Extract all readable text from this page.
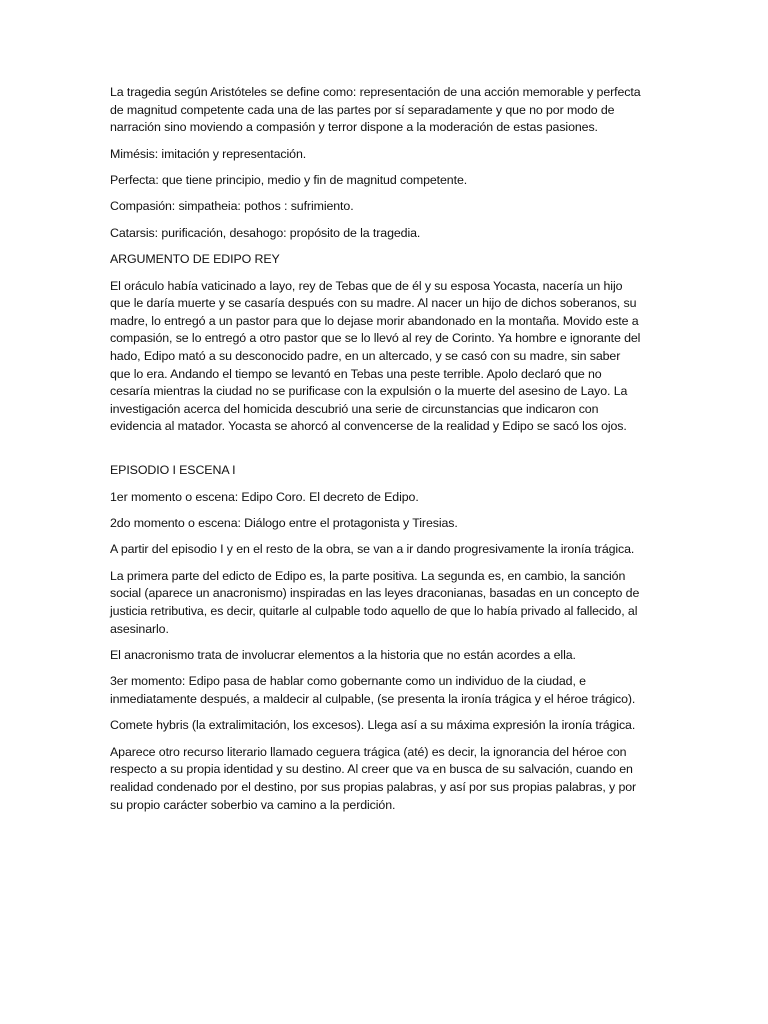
La tragedia según Aristóteles se define como: representación de una acción memorable y perfecta de magnitud competente cada una de las partes por sí separadamente y que no por modo de narración sino moviendo a compasión y terror dispone a la moderación de estas pasiones.

Mimésis: imitación y representación.

Perfecta: que tiene principio, medio y fin de magnitud competente.

Compasión: simpatheia: pothos : sufrimiento.

Catarsis: purificación, desahogo: propósito de la tragedia.

ARGUMENTO DE EDIPO REY

El oráculo había vaticinado a layo, rey de Tebas que de él y su esposa Yocasta, nacería un hijo que le daría muerte y se casaría después con su madre. Al nacer un hijo de dichos soberanos, su madre, lo entregó a un pastor para que lo dejase morir abandonado en la montaña. Movido este a compasión, se lo entregó a otro pastor que se lo llevó al rey de Corinto. Ya hombre e ignorante del hado, Edipo mató a su desconocido padre, en un altercado, y se casó con su madre, sin saber que lo era. Andando el tiempo se levantó en Tebas una peste terrible. Apolo declaró que no cesaría mientras la ciudad no se purificase con la expulsión o la muerte del asesino de Layo. La investigación acerca del homicida descubrió una serie de circunstancias que indicaron con evidencia al matador. Yocasta se ahorcó al convencerse de la realidad y Edipo se sacó los ojos.

EPISODIO I ESCENA I

1er momento o escena: Edipo Coro. El decreto de Edipo.

2do momento o escena: Diálogo entre el protagonista y Tiresias.

A partir del episodio I y en el resto de la obra, se van a ir dando progresivamente la ironía trágica.

La primera parte del edicto de Edipo es, la parte positiva. La segunda es, en cambio, la sanción social (aparece un anacronismo) inspiradas en las leyes draconianas, basadas en un concepto de justicia retributiva, es decir, quitarle al culpable todo aquello de que lo había privado al fallecido, al asesinarlo.

El anacronismo trata de involucrar elementos a la historia que no están acordes a ella.

3er momento: Edipo pasa de hablar como gobernante como un individuo de la ciudad, e inmediatamente después, a maldecir al culpable, (se presenta la ironía trágica y el héroe trágico).

Comete hybris (la extralimitación, los excesos). Llega así a su máxima expresión la ironía trágica.

Aparece otro recurso literario llamado ceguera trágica (até) es decir, la ignorancia del héroe con respecto a su propia identidad y su destino. Al creer que va en busca de su salvación, cuando en realidad condenado por el destino, por sus propias palabras, y así por sus propias palabras, y por su propio carácter soberbio va camino a la perdición.
